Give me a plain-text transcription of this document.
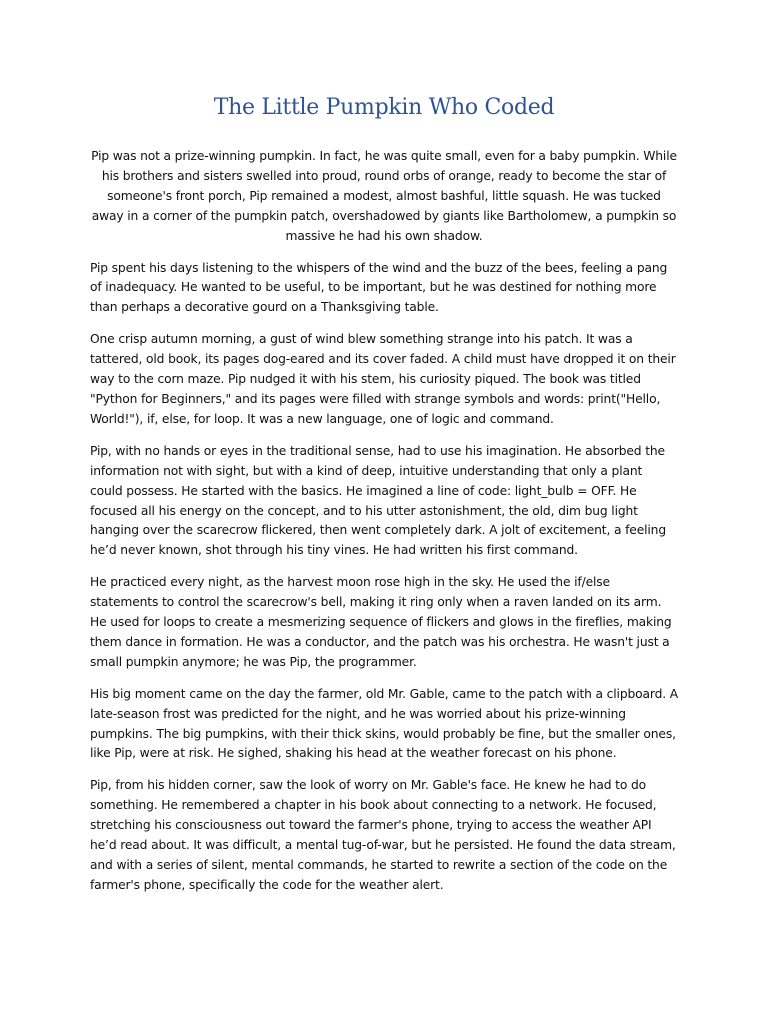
The Little Pumpkin Who Coded

Pip was not a prize-winning pumpkin. In fact, he was quite small, even for a baby pumpkin. While his brothers and sisters swelled into proud, round orbs of orange, ready to become the star of someone's front porch, Pip remained a modest, almost bashful, little squash. He was tucked away in a corner of the pumpkin patch, overshadowed by giants like Bartholomew, a pumpkin so massive he had his own shadow.

Pip spent his days listening to the whispers of the wind and the buzz of the bees, feeling a pang of inadequacy. He wanted to be useful, to be important, but he was destined for nothing more than perhaps a decorative gourd on a Thanksgiving table.

One crisp autumn morning, a gust of wind blew something strange into his patch. It was a tattered, old book, its pages dog-eared and its cover faded. A child must have dropped it on their way to the corn maze. Pip nudged it with his stem, his curiosity piqued. The book was titled "Python for Beginners," and its pages were filled with strange symbols and words: print("Hello, World!"), if, else, for loop. It was a new language, one of logic and command.

Pip, with no hands or eyes in the traditional sense, had to use his imagination. He absorbed the information not with sight, but with a kind of deep, intuitive understanding that only a plant could possess. He started with the basics. He imagined a line of code: light_bulb = OFF. He focused all his energy on the concept, and to his utter astonishment, the old, dim bug light hanging over the scarecrow flickered, then went completely dark. A jolt of excitement, a feeling he’d never known, shot through his tiny vines. He had written his first command.

He practiced every night, as the harvest moon rose high in the sky. He used the if/else statements to control the scarecrow's bell, making it ring only when a raven landed on its arm. He used for loops to create a mesmerizing sequence of flickers and glows in the fireflies, making them dance in formation. He was a conductor, and the patch was his orchestra. He wasn't just a small pumpkin anymore; he was Pip, the programmer.

His big moment came on the day the farmer, old Mr. Gable, came to the patch with a clipboard. A late-season frost was predicted for the night, and he was worried about his prize-winning pumpkins. The big pumpkins, with their thick skins, would probably be fine, but the smaller ones, like Pip, were at risk. He sighed, shaking his head at the weather forecast on his phone.

Pip, from his hidden corner, saw the look of worry on Mr. Gable's face. He knew he had to do something. He remembered a chapter in his book about connecting to a network. He focused, stretching his consciousness out toward the farmer's phone, trying to access the weather API he’d read about. It was difficult, a mental tug-of-war, but he persisted. He found the data stream, and with a series of silent, mental commands, he started to rewrite a section of the code on the farmer's phone, specifically the code for the weather alert.
